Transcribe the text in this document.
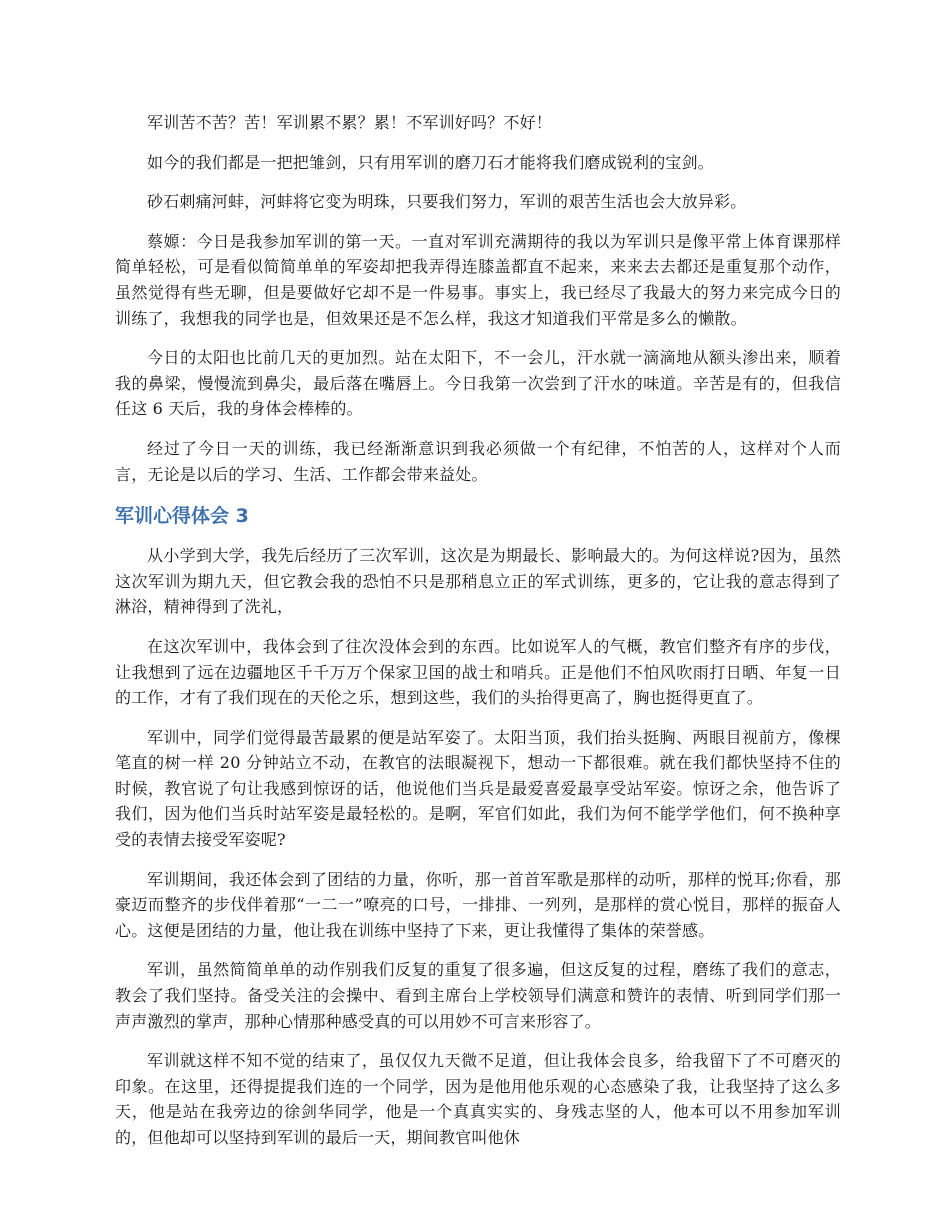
军训苦不苦？苦！军训累不累？累！不军训好吗？不好！

如今的我们都是一把把雏剑，只有用军训的磨刀石才能将我们磨成锐利的宝剑。

砂石刺痛河蚌，河蚌将它变为明珠，只要我们努力，军训的艰苦生活也会大放异彩。

蔡嫄：今日是我参加军训的第一天。一直对军训充满期待的我以为军训只是像平常上体育课那样简单轻松，可是看似简简单单的军姿却把我弄得连膝盖都直不起来，来来去去都还是重复那个动作，虽然觉得有些无聊，但是要做好它却不是一件易事。事实上，我已经尽了我最大的努力来完成今日的训练了，我想我的同学也是，但效果还是不怎么样，我这才知道我们平常是多么的懒散。

今日的太阳也比前几天的更加烈。站在太阳下，不一会儿，汗水就一滴滴地从额头渗出来，顺着我的鼻梁，慢慢流到鼻尖，最后落在嘴唇上。今日我第一次尝到了汗水的味道。辛苦是有的，但我信任这 6 天后，我的身体会棒棒的。

经过了今日一天的训练，我已经渐渐意识到我必须做一个有纪律，不怕苦的人，这样对个人而言，无论是以后的学习、生活、工作都会带来益处。

军训心得体会 3

从小学到大学，我先后经历了三次军训，这次是为期最长、影响最大的。为何这样说?因为，虽然这次军训为期九天，但它教会我的恐怕不只是那稍息立正的军式训练，更多的，它让我的意志得到了淋浴，精神得到了洗礼，

在这次军训中，我体会到了往次没体会到的东西。比如说军人的气概，教官们整齐有序的步伐，让我想到了远在边疆地区千千万万个保家卫国的战士和哨兵。正是他们不怕风吹雨打日晒、年复一日的工作，才有了我们现在的天伦之乐，想到这些，我们的头抬得更高了，胸也挺得更直了。

军训中，同学们觉得最苦最累的便是站军姿了。太阳当顶，我们抬头挺胸、两眼目视前方，像棵笔直的树一样 20 分钟站立不动，在教官的法眼凝视下，想动一下都很难。就在我们都快坚持不住的时候，教官说了句让我感到惊讶的话，他说他们当兵是最爱喜爱最享受站军姿。惊讶之余，他告诉了我们，因为他们当兵时站军姿是最轻松的。是啊，军官们如此，我们为何不能学学他们，何不换种享受的表情去接受军姿呢?

军训期间，我还体会到了团结的力量，你听，那一首首军歌是那样的动听，那样的悦耳;你看，那豪迈而整齐的步伐伴着那“一二一”嘹亮的口号，一排排、一列列，是那样的赏心悦目，那样的振奋人心。这便是团结的力量，他让我在训练中坚持了下来，更让我懂得了集体的荣誉感。

军训，虽然简简单单的动作别我们反复的重复了很多遍，但这反复的过程，磨练了我们的意志，教会了我们坚持。备受关注的会操中、看到主席台上学校领导们满意和赞许的表情、听到同学们那一声声激烈的掌声，那种心情那种感受真的可以用妙不可言来形容了。

军训就这样不知不觉的结束了，虽仅仅九天微不足道，但让我体会良多，给我留下了不可磨灭的印象。在这里，还得提提我们连的一个同学，因为是他用他乐观的心态感染了我，让我坚持了这么多天，他是站在我旁边的徐剑华同学，他是一个真真实实的、身残志坚的人，他本可以不用参加军训的，但他却可以坚持到军训的最后一天，期间教官叫他休
